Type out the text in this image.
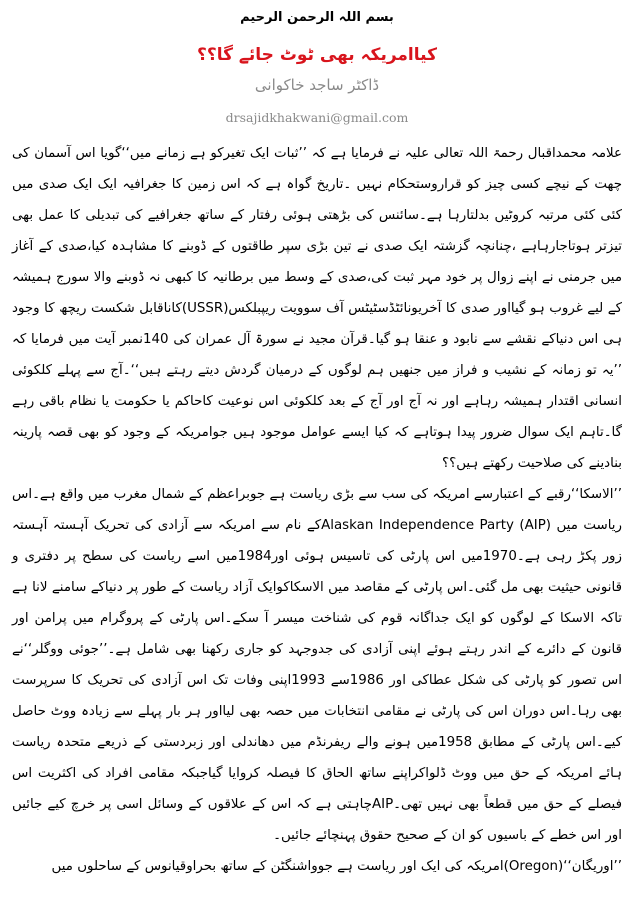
بسم اللہ الرحمن الرحیم
کیاامریکہ بھی ٹوٹ جائے گا؟؟
ڈاکٹر ساجد خاکوانی
drsajidkhakwani@gmail.com

علامہ محمداقبال رحمۃ اللہ تعالی علیہ نے فرمایا ہے کہ ’’ثبات ایک تغیرکو ہے زمانے میں‘‘گویا اس آسمان کی چھت کے نیچے کسی چیز کو قراروستحکام نہیں ۔تاریخ گواہ ہے کہ اس زمین کا جغرافیہ ایک ایک صدی میں کئی کئی مرتبہ کروٹیں بدلتارہا ہے۔سائنس کی بڑھتی ہوئی رفتار کے ساتھ جغرافیے کی تبدیلی کا عمل بھی تیزتر ہوتاجارہاہے ،چنانچہ گزشتہ ایک صدی نے تین بڑی سپر طاقتوں کے ڈوبنے کا مشاہدہ کیا،صدی کے آغاز میں جرمنی نے اپنے زوال پر خود مہر ثبت کی،صدی کے وسط میں برطانیہ کا کبھی نہ ڈوبنے والا سورج ہمیشہ کے لیے غروب ہو گیااور صدی کا آخریونائٹڈسٹیٹس آف سوویت ریپبلکس(USSR)کاناقابل شکست ریچھ کا وجود ہی اس دنیاکے نقشے سے نابود و عنقا ہو گیا۔قرآن مجید نے سورۃ آل عمران کی 140نمبر آیت میں فرمایا کہ ’’یہ تو زمانہ کے نشیب و فراز میں جنھیں ہم لوگوں کے درمیان گردش دیتے رہتے ہیں‘‘۔آج سے پہلے کلکوئی انسانی اقتدار ہمیشہ رہاہے اور نہ آج اور آج کے بعد کلکوئی اس نوعیت کاحاکم یا حکومت یا نظام باقی رہے گا۔تاہم ایک سوال ضرور پیدا ہوتاہے کہ کیا ایسے عوامل موجود ہیں جوامریکہ کے وجود کو بھی قصہ پارینہ بنادینے کی صلاحیت رکھتے ہیں؟؟

’’الاسکا‘‘رقبے کے اعتبارسے امریکہ کی سب سے بڑی ریاست ہے جوبراعظم کے شمال مغرب میں واقع ہے۔اس ریاست میں Alaskan Independence Party (AIP)کے نام سے امریکہ سے آزادی کی تحریک آہستہ آہستہ زور پکڑ رہی ہے۔1970میں اس پارٹی کی تاسیس ہوئی اور1984میں اسے ریاست کی سطح پر دفتری و قانونی حیثیت بھی مل گئی۔اس پارٹی کے مقاصد میں الاسکاکوایک آزاد ریاست کے طور پر دنیاکے سامنے لانا ہے تاکہ الاسکا کے لوگوں کو ایک جداگانہ قوم کی شناخت میسر آ سکے۔اس پارٹی کے پروگرام میں پرامن اور قانون کے دائرے کے اندر رہتے ہوئے اپنی آزادی کی جدوجہد کو جاری رکھنا بھی شامل ہے۔’’جوئی ووگلر‘‘نے اس تصور کو پارٹی کی شکل عطاکی اور 1986سے 1993اپنی وفات تک اس آزادی کی تحریک کا سرپرست بھی رہا۔اس دوران اس کی پارٹی نے مقامی انتخابات میں حصہ بھی لیااور ہر بار پہلے سے زیادہ ووٹ حاصل کیے۔اس پارٹی کے مطابق 1958میں ہونے والے ریفرنڈم میں دھاندلی اور زبردستی کے ذریعے متحدہ ریاست ہائے امریکہ کے حق میں ووٹ ڈلواکراپنے ساتھ الحاق کا فیصلہ کروایا گیاجبکہ مقامی افراد کی اکثریت اس فیصلے کے حق میں قطعاً بھی نہیں تھی۔AIPچاہتی ہے کہ اس کے علاقوں کے وسائل اسی پر خرچ کیے جائیں اور اس خطے کے باسیوں کو ان کے صحیح حقوق پہنچائے جائیں۔

’’اوریگان‘‘(Oregon)امریکہ کی ایک اور ریاست ہے جوواشنگٹن کے ساتھ بحراوقیانوس کے ساحلوں میں
